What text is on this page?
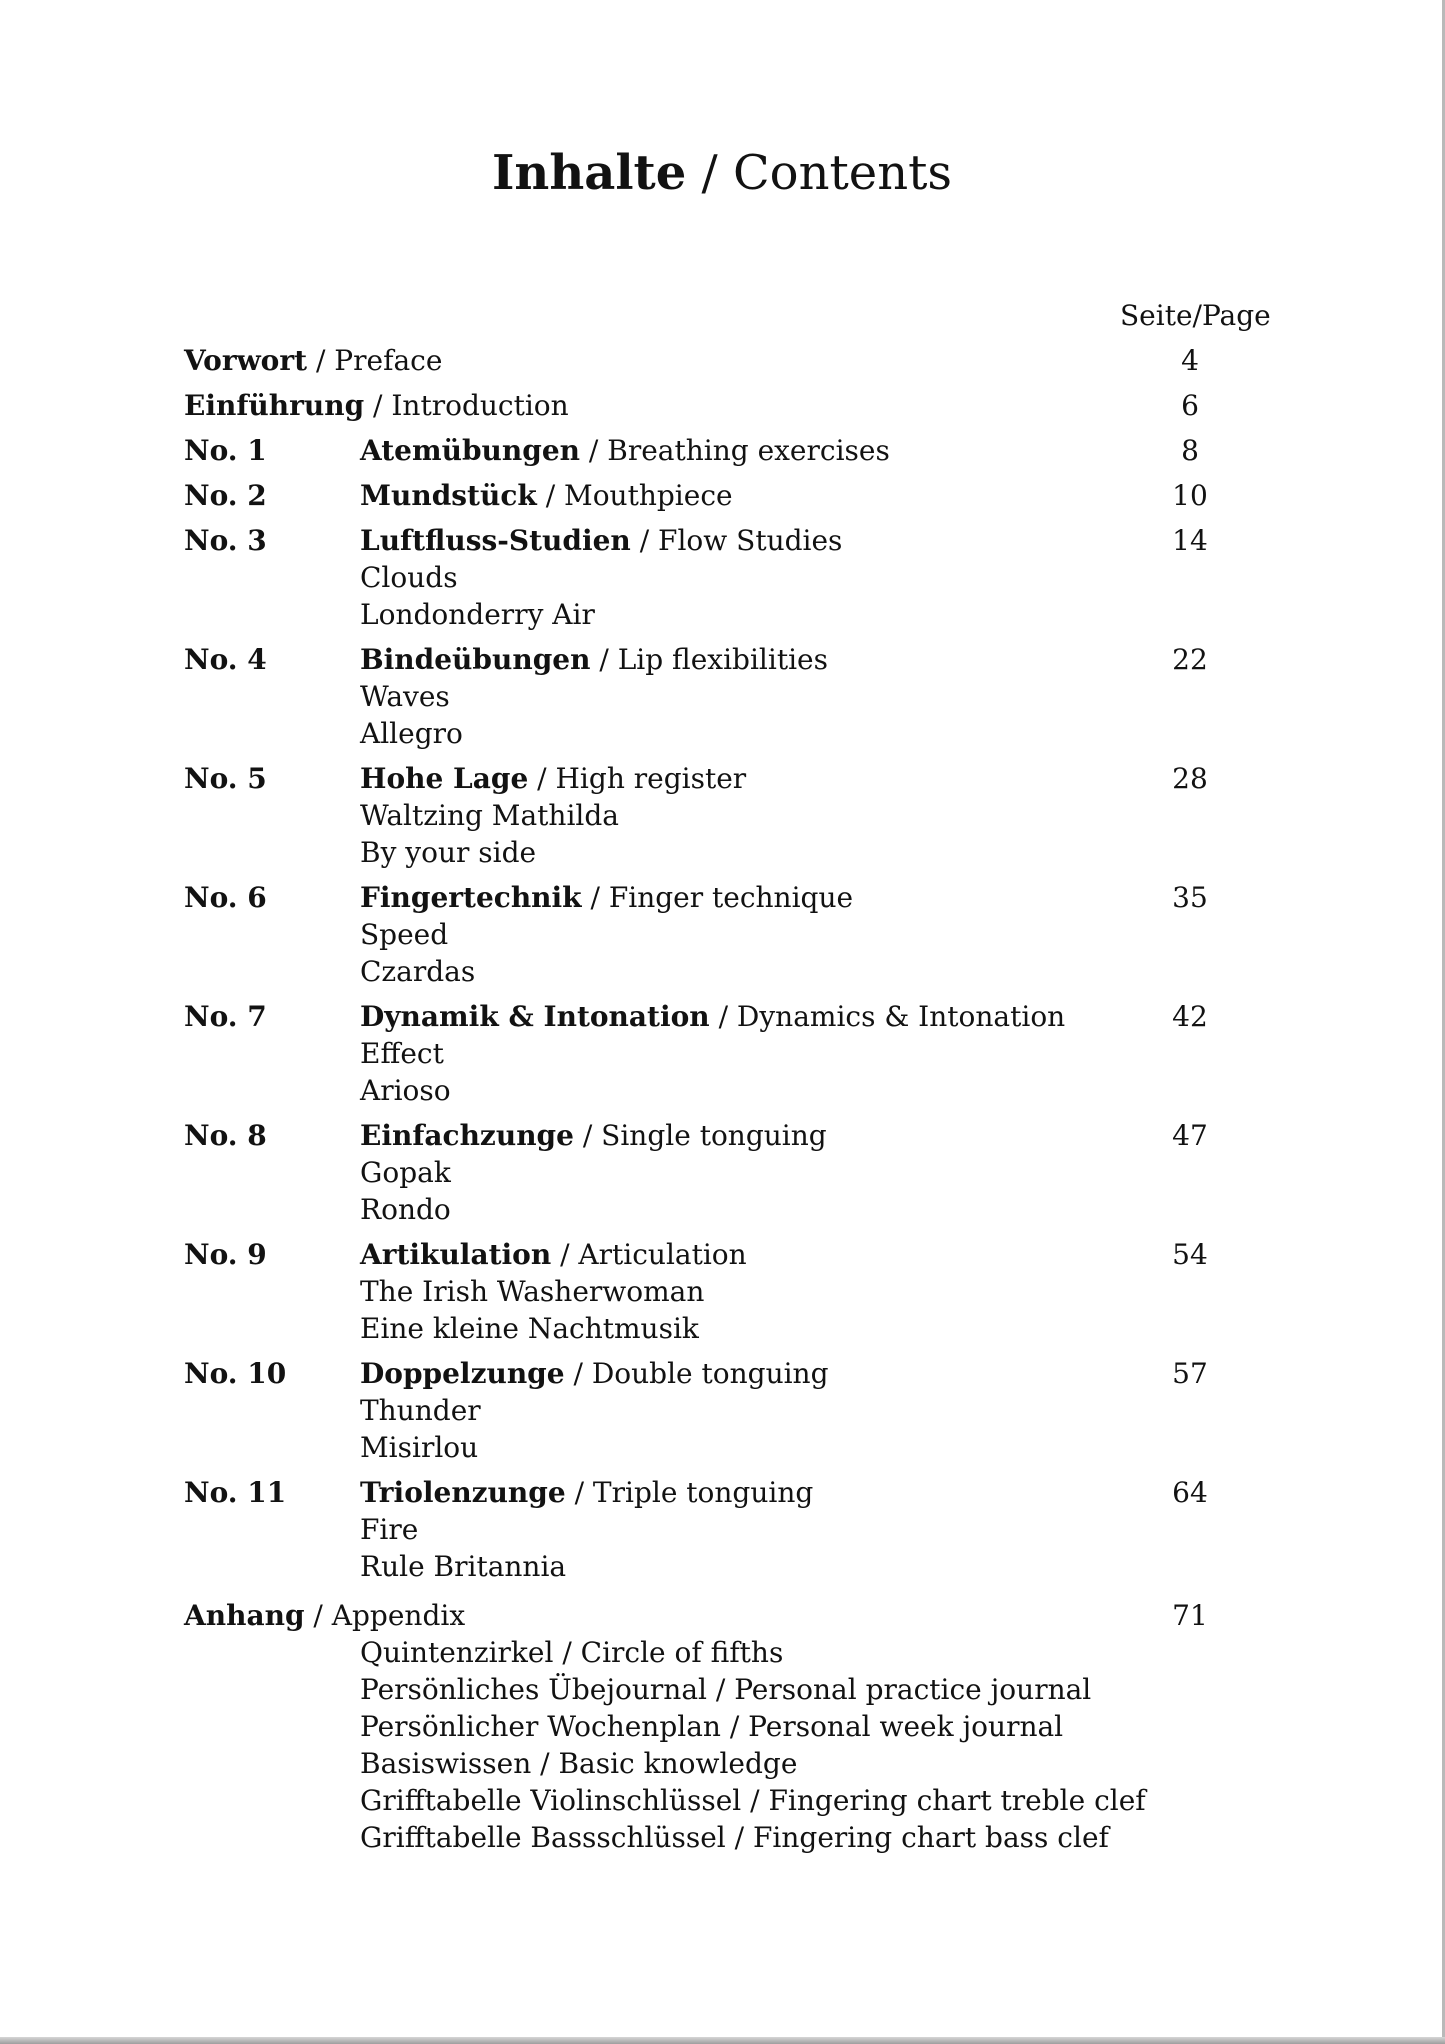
Inhalte / Contents
Seite/Page
Vorwort / Preface	4
Einführung / Introduction	6
No. 1	Atemübungen / Breathing exercises	8
No. 2	Mundstück / Mouthpiece	10
No. 3	Luftfluss-Studien / Flow Studies	14
Clouds
Londonderry Air
No. 4	Bindeübungen / Lip flexibilities	22
Waves
Allegro
No. 5	Hohe Lage / High register	28
Waltzing Mathilda
By your side
No. 6	Fingertechnik / Finger technique	35
Speed
Czardas
No. 7	Dynamik & Intonation / Dynamics & Intonation	42
Effect
Arioso
No. 8	Einfachzunge / Single tonguing	47
Gopak
Rondo
No. 9	Artikulation / Articulation	54
The Irish Washerwoman
Eine kleine Nachtmusik
No. 10	Doppelzunge / Double tonguing	57
Thunder
Misirlou
No. 11	Triolenzunge / Triple tonguing	64
Fire
Rule Britannia
Anhang / Appendix	71
Quintenzirkel / Circle of fifths
Persönliches Übejournal / Personal practice journal
Persönlicher Wochenplan / Personal week journal
Basiswissen / Basic knowledge
Grifftabelle Violinschlüssel / Fingering chart treble clef
Grifftabelle Bassschlüssel / Fingering chart bass clef
